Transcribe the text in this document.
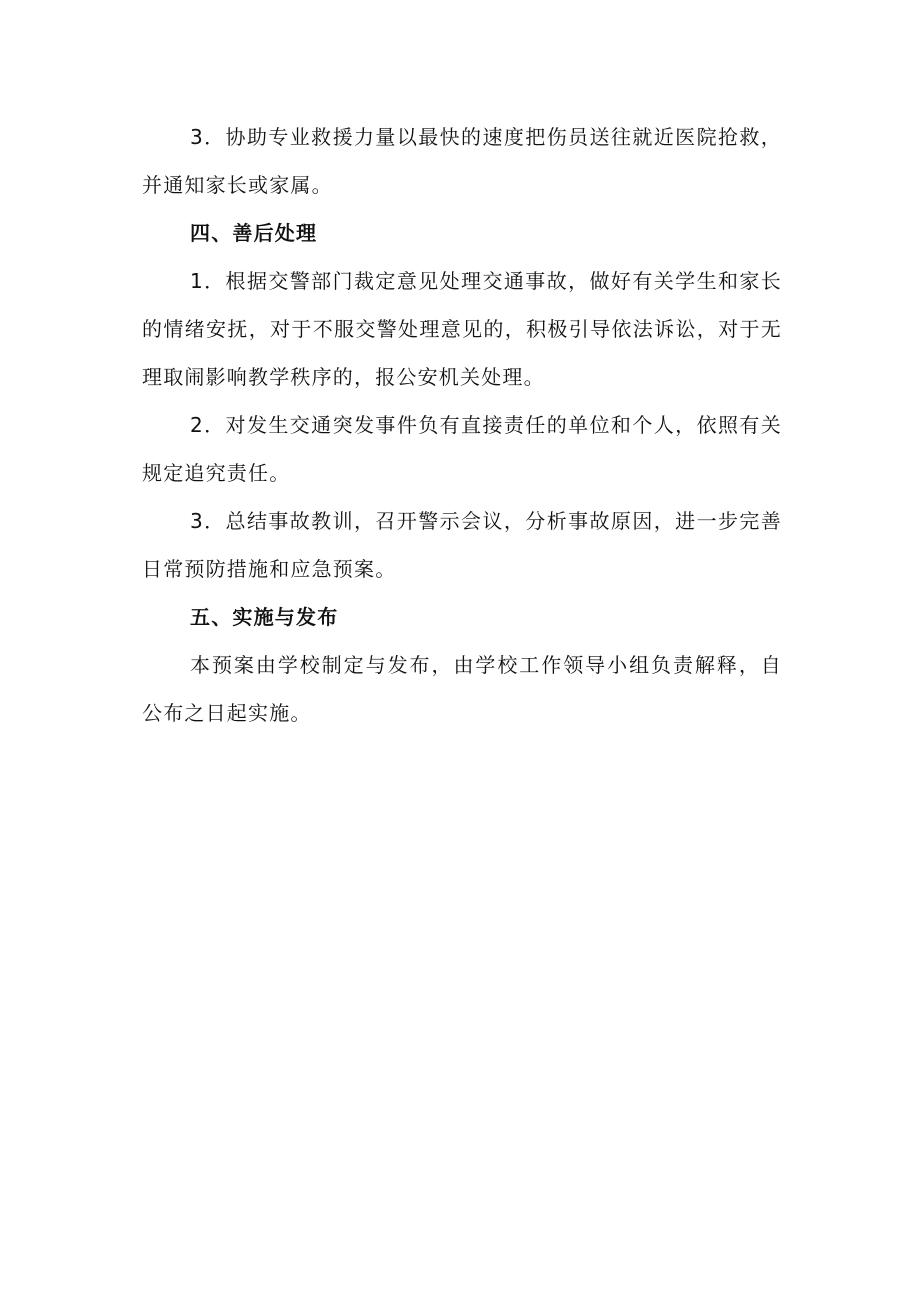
3．协助专业救援力量以最快的速度把伤员送往就近医院抢救，并通知家长或家属。

四、善后处理

1．根据交警部门裁定意见处理交通事故，做好有关学生和家长的情绪安抚，对于不服交警处理意见的，积极引导依法诉讼，对于无理取闹影响教学秩序的，报公安机关处理。

2．对发生交通突发事件负有直接责任的单位和个人，依照有关规定追究责任。

3．总结事故教训，召开警示会议，分析事故原因，进一步完善日常预防措施和应急预案。

五、实施与发布

本预案由学校制定与发布，由学校工作领导小组负责解释，自公布之日起实施。
